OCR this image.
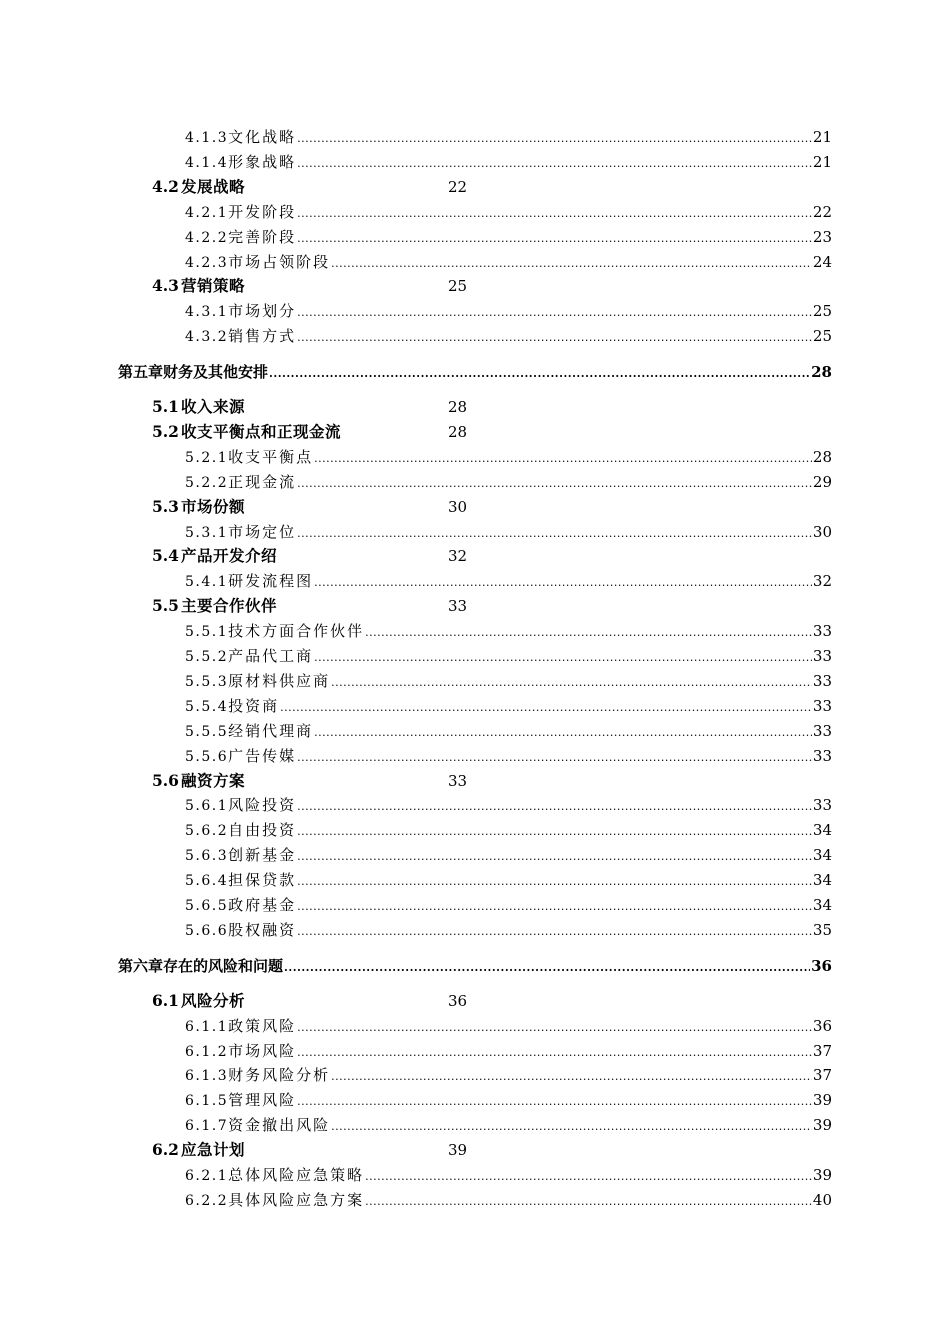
4.1.3 文化战略 .....	21
4.1.4 形象战略 .....	21
4.2 发展战略	22
4.2.1 开发阶段 .....	22
4.2.2 完善阶段 .....	23
4.2.3 市场占领阶段 .....	24
4.3 营销策略	25
4.3.1 市场划分 .....	25
4.3.2 销售方式 .....	25
第五章 财务及其他安排 .....	28
5.1 收入来源	28
5.2 收支平衡点和正现金流	28
5.2.1 收支平衡点 .....	28
5.2.2 正现金流 .....	29
5.3 市场份额	30
5.3.1 市场定位 .....	30
5.4 产品开发介绍	32
5.4.1 研发流程图 .....	32
5.5 主要合作伙伴	33
5.5.1 技术方面合作伙伴 .....	33
5.5.2 产品代工商 .....	33
5.5.3 原材料供应商 .....	33
5.5.4 投资商 .....	33
5.5.5 经销代理商 .....	33
5.5.6 广告传媒 .....	33
5.6 融资方案	33
5.6.1 风险投资 .....	33
5.6.2 自由投资 .....	34
5.6.3 创新基金 .....	34
5.6.4 担保贷款 .....	34
5.6.5 政府基金 .....	34
5.6.6 股权融资 .....	35
第六章 存在的风险和问题 .....	36
6.1 风险分析	36
6.1.1 政策风险 .....	36
6.1.2 市场风险 .....	37
6.1.3 财务风险分析 .....	37
6.1.5 管理风险 .....	39
6.1.7 资金撤出风险 .....	39
6.2 应急计划	39
6.2.1 总体风险应急策略 .....	39
6.2.2 具体风险应急方案 .....	40
